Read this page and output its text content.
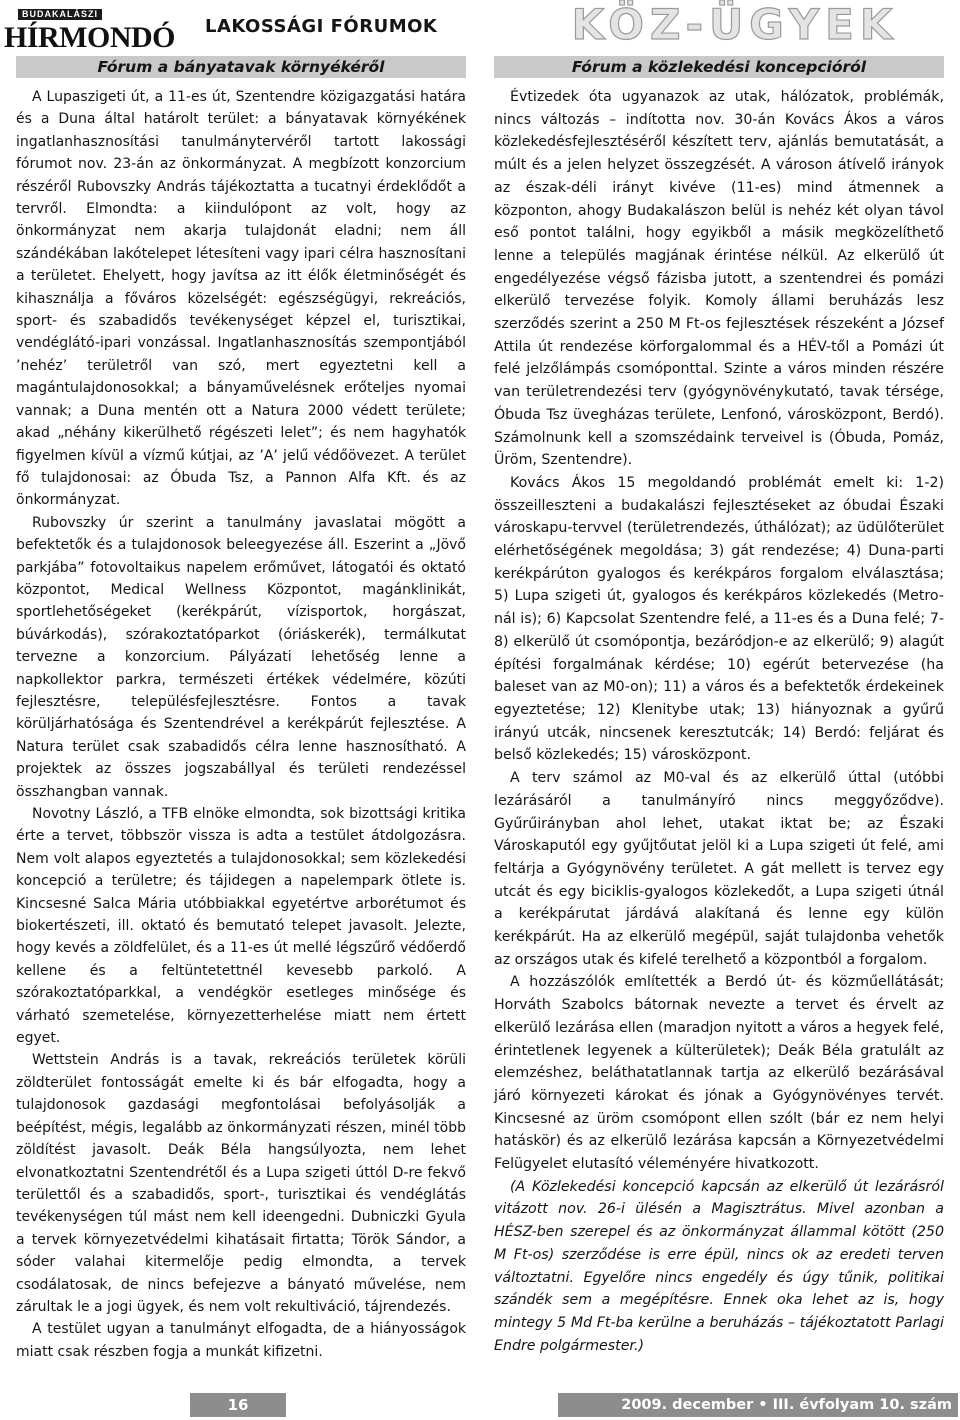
BUDAKALÁSZI
HÍRMONDÓ LAKOSSÁGI FÓRUMOK	KÖZ-ÜGYEK
Fórum a bányatavak környékéről

A Lupaszigeti út, a 11-es út, Szentendre közigazgatási határa és a Duna által határolt terület: a bányatavak környékének ingatlanhasznosítási tanulmánytervéről tartott lakossági fórumot nov. 23-án az önkormányzat. A megbízott konzorcium részéről Rubovszky András tájékoztatta a tucatnyi érdeklődőt a tervről. Elmondta: a kiindulópont az volt, hogy az önkormányzat nem akarja tulajdonát eladni; nem áll szándékában lakótelepet létesíteni vagy ipari célra hasznosítani a területet. Ehelyett, hogy javítsa az itt élők életminőségét és kihasználja a főváros közelségét: egészségügyi, rekreációs, sport- és szabadidős tevékenységet képzel el, turisztikai, vendéglátó-ipari vonzással. Ingatlanhasznosítás szempontjából ’nehéz’ területről van szó, mert egyeztetni kell a magántulajdonosokkal; a bányaművelésnek erőteljes nyomai vannak; a Duna mentén ott a Natura 2000 védett területe; akad „néhány kikerülhető régészeti lelet”; és nem hagyhatók figyelmen kívül a vízmű kútjai, az ’A’ jelű védőövezet. A terület fő tulajdonosai: az Óbuda Tsz, a Pannon Alfa Kft. és az önkormányzat.

Rubovszky úr szerint a tanulmány javaslatai mögött a befektetők és a tulajdonosok beleegyezése áll. Eszerint a „Jövő parkjába” fotovoltaikus napelem erőművet, látogatói és oktató központot, Medical Wellness Központot, magánklinikát, sportlehetőségeket (kerékpárút, vízisportok, horgászat, búvárkodás), szórakoztatóparkot (óriáskerék), termálkutat tervezne a konzorcium. Pályázati lehetőség lenne a napkollektor parkra, természeti értékek védelmére, közúti fejlesztésre, településfejlesztésre. Fontos a tavak körüljárhatósága és Szentendrével a kerékpárút fejlesztése. A Natura terület csak szabadidős célra lenne hasznosítható. A projektek az összes jogszabállyal és területi rendezéssel összhangban vannak.

Novotny László, a TFB elnöke elmondta, sok bizottsági kritika érte a tervet, többször vissza is adta a testület átdolgozásra. Nem volt alapos egyeztetés a tulajdonosokkal; sem közlekedési koncepció a területre; és tájidegen a napelempark ötlete is. Kincsesné Salca Mária utóbbiakkal egyetértve arborétumot és biokertészeti, ill. oktató és bemutató telepet javasolt. Jelezte, hogy kevés a zöldfelület, és a 11-es út mellé légszűrő védőerdő kellene és a feltüntetettnél kevesebb parkoló. A szórakoztatóparkkal, a vendégkör esetleges minősége és várható szemetelése, környezetterhelése miatt nem értett egyet.

Wettstein András is a tavak, rekreációs területek körüli zöldterület fontosságát emelte ki és bár elfogadta, hogy a tulajdonosok gazdasági megfontolásai befolyásolják a beépítést, mégis, legalább az önkormányzati részen, minél több zöldítést javasolt. Deák Béla hangsúlyozta, nem lehet elvonatkoztatni Szentendrétől és a Lupa szigeti úttól D-re fekvő területtől és a szabadidős, sport-, turisztikai és vendéglátás tevékenységen túl mást nem kell ideengedni. Dubniczki Gyula a tervek környezetvédelmi kihatásait firtatta; Török Sándor, a sóder valahai kitermelője pedig elmondta, a tervek csodálatosak, de nincs befejezve a bányató művelése, nem zárultak le a jogi ügyek, és nem volt rekultiváció, tájrendezés.

A testület ugyan a tanulmányt elfogadta, de a hiányosságok miatt csak részben fogja a munkát kifizetni.

Fórum a közlekedési koncepcióról

Évtizedek óta ugyanazok az utak, hálózatok, problémák, nincs változás – indította nov. 30-án Kovács Ákos a város közlekedésfejlesztéséről készített terv, ajánlás bemutatását, a múlt és a jelen helyzet összegzését. A városon átívelő irányok az észak-déli irányt kivéve (11-es) mind átmennek a központon, ahogy Budakalászon belül is nehéz két olyan távol eső pontot találni, hogy egyikből a másik megközelíthető lenne a település magjának érintése nélkül. Az elkerülő út engedélyezése végső fázisba jutott, a szentendrei és pomázi elkerülő tervezése folyik. Komoly állami beruházás lesz szerződés szerint a 250 M Ft-os fejlesztések részeként a József Attila út rendezése körforgalommal és a HÉV-től a Pomázi út felé jelzőlámpás csomóponttal. Szinte a város minden részére van területrendezési terv (gyógynövénykutató, tavak térsége, Óbuda Tsz üvegházas területe, Lenfonó, városközpont, Berdó). Számolnunk kell a szomszédaink terveivel is (Óbuda, Pomáz, Üröm, Szentendre).

Kovács Ákos 15 megoldandó problémát emelt ki: 1-2) összeilleszteni a budakalászi fejlesztéseket az óbudai Északi városkapu-tervvel (területrendezés, úthálózat); az üdülőterület elérhetőségének megoldása; 3) gát rendezése; 4) Duna-parti kerékpárúton gyalogos és kerékpáros forgalom elválasztása; 5) Lupa szigeti út, gyalogos és kerékpáros közlekedés (Metro-nál is); 6) Kapcsolat Szentendre felé, a 11-es és a Duna felé; 7-8) elkerülő út csomópontja, bezáródjon-e az elkerülő; 9) alagút építési forgalmának kérdése; 10) egérút betervezése (ha baleset van az M0-on); 11) a város és a befektetők érdekeinek egyeztetése; 12) Klenitybe utak; 13) hiányoznak a gyűrű irányú utcák, nincsenek keresztutcák; 14) Berdó: feljárat és belső közlekedés; 15) városközpont.

A terv számol az M0-val és az elkerülő úttal (utóbbi lezárásáról a tanulmányíró nincs meggyőződve). Gyűrűirányban ahol lehet, utakat iktat be; az Északi Városkaputól egy gyűjtőutat jelöl ki a Lupa szigeti út felé, ami feltárja a Gyógynövény területet. A gát mellett is tervez egy utcát és egy biciklis-gyalogos közlekedőt, a Lupa szigeti útnál a kerékpárutat járdává alakítaná és lenne egy külön kerékpárút. Ha az elkerülő megépül, saját tulajdonba vehetők az országos utak és kifelé terelhető a központból a forgalom.

A hozzászólók említették a Berdó út- és közműellátását; Horváth Szabolcs bátornak nevezte a tervet és érvelt az elkerülő lezárása ellen (maradjon nyitott a város a hegyek felé, érintetlenek legyenek a külterületek); Deák Béla gratulált az elemzéshez, beláthatatlannak tartja az elkerülő bezárásával járó környezeti károkat és jónak a Gyógynövényes tervét. Kincsesné az üröm csomópont ellen szólt (bár ez nem helyi hatáskör) és az elkerülő lezárása kapcsán a Környezetvédelmi Felügyelet elutasító véleményére hivatkozott.

(A Közlekedési koncepció kapcsán az elkerülő út lezárásról vitázott nov. 26-i ülésén a Magisztrátus. Mivel azonban a HÉSZ-ben szerepel és az önkormányzat állammal kötött (250 M Ft-os) szerződése is erre épül, nincs ok az eredeti terven változtatni. Egyelőre nincs engedély és úgy tűnik, politikai szándék sem a megépítésre. Ennek oka lehet az is, hogy mintegy 5 Md Ft-ba kerülne a beruházás – tájékoztatott Parlagi Endre polgármester.)

16	2009. december • III. évfolyam 10. szám
